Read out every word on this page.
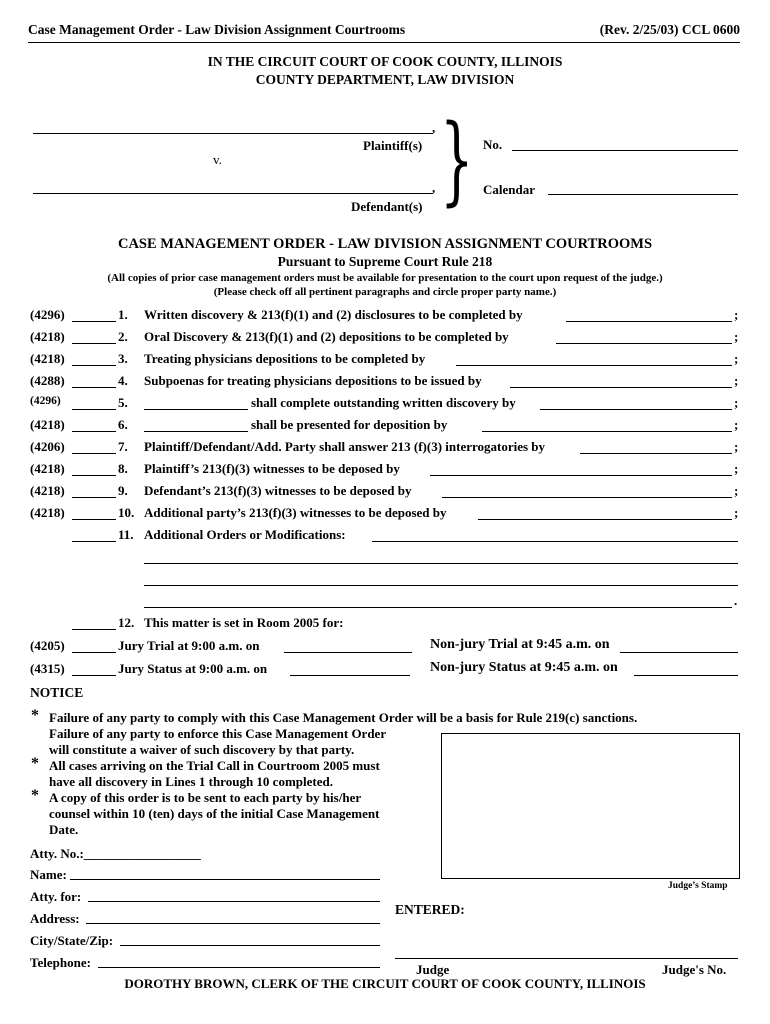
Case Management Order - Law Division Assignment Courtrooms	(Rev. 2/25/03) CCL 0600
IN THE CIRCUIT COURT OF COOK COUNTY, ILLINOIS
COUNTY DEPARTMENT, LAW DIVISION
,
Plaintiff(s)
v.
,
Defendant(s) } No.
Calendar
CASE MANAGEMENT ORDER - LAW DIVISION ASSIGNMENT COURTROOMS
Pursuant to Supreme Court Rule 218
(All copies of prior case management orders must be available for presentation to the court upon request of the judge.)
(Please check off all pertinent paragraphs and circle proper party name.)
(4296)	1. Written discovery & 213(f)(1) and (2) disclosures to be completed by	;
(4218)	2. Oral Discovery & 213(f)(1) and (2) depositions to be completed by	;
(4218)	3. Treating physicians depositions to be completed by	;
(4288)	4. Subpoenas for treating physicians depositions to be issued by	;
(4296)	5.	shall complete outstanding written discovery by	;
(4218)	6.	shall be presented for deposition by	;
(4206)	7. Plaintiff/Defendant/Add. Party shall answer 213 (f)(3) interrogatories by	;
(4218)	8. Plaintiff’s 213(f)(3) witnesses to be deposed by	;
(4218)	9. Defendant’s 213(f)(3) witnesses to be deposed by	;
(4218)	10. Additional party’s 213(f)(3) witnesses to be deposed by	;
11. Additional Orders or Modifications:
.
12. This matter is set in Room 2005 for:
(4205)	Jury Trial at 9:00 a.m. on	Non-jury Trial at 9:45 a.m. on
(4315)	Jury Status at 9:00 a.m. on	Non-jury Status at 9:45 a.m. on
NOTICE
* Failure of any party to comply with this Case Management Order will be a basis for Rule 219(c) sanctions.
Failure of any party to enforce this Case Management Order
will constitute a waiver of such discovery by that party.
* All cases arriving on the Trial Call in Courtroom 2005 must
have all discovery in Lines 1 through 10 completed.
* A copy of this order is to be sent to each party by his/her
counsel within 10 (ten) days of the initial Case Management
Date.
Judge’s Stamp
Atty. No.:__________________
Name:
Atty. for:
Address:
City/State/Zip:
Telephone:
ENTERED:
Judge	Judge's No.
DOROTHY BROWN, CLERK OF THE CIRCUIT COURT OF COOK COUNTY, ILLINOIS
